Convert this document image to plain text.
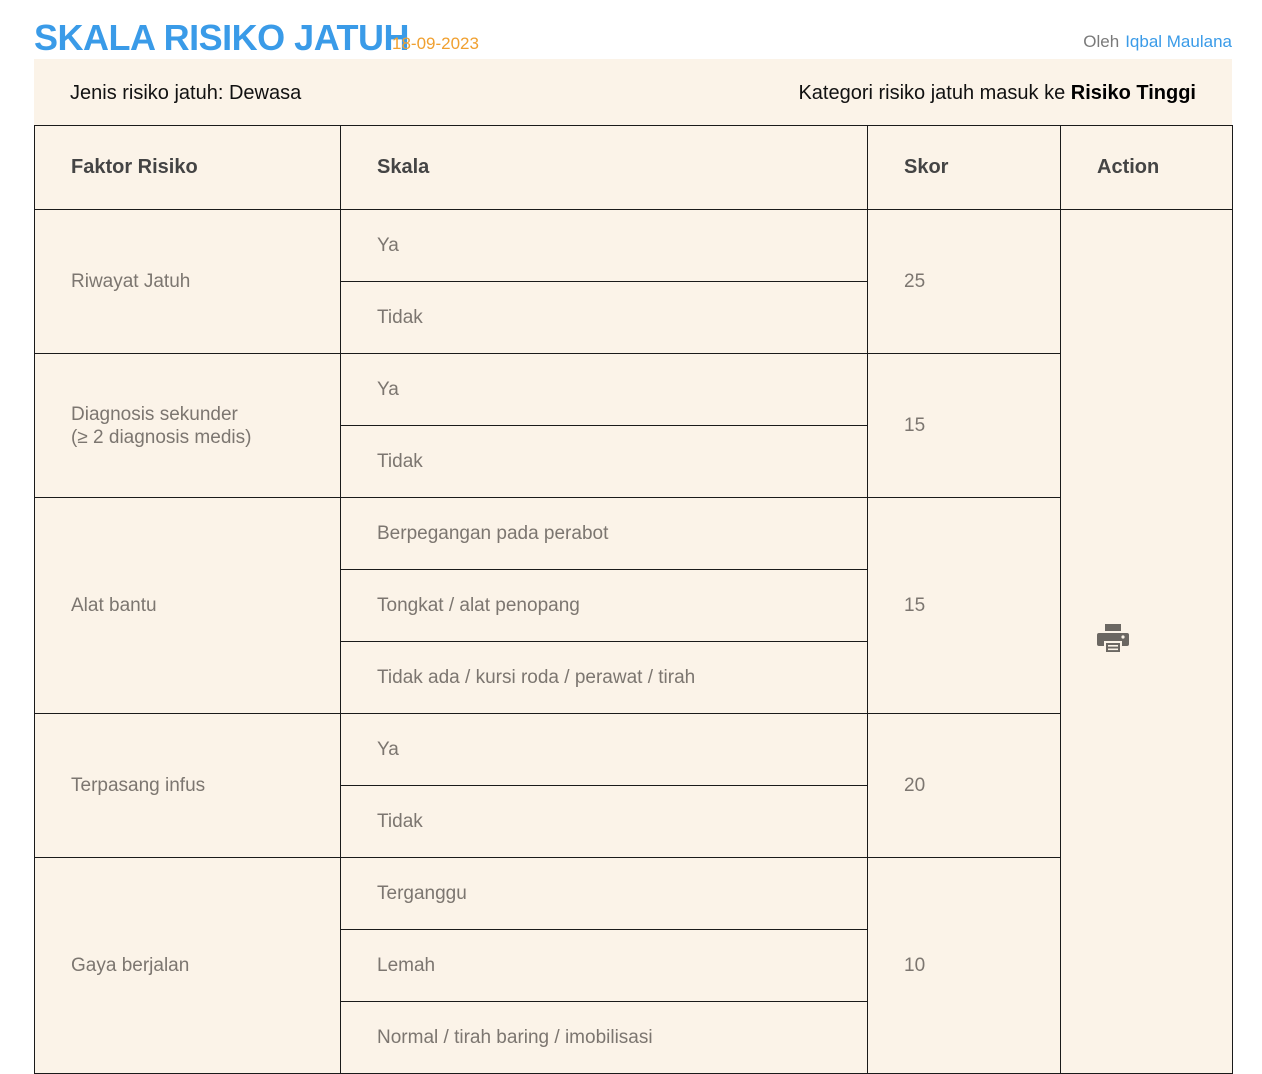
SKALA RISIKO JATUH
18-09-2023	Oleh Iqbal Maulana
Jenis risiko jatuh: Dewasa	Kategori risiko jatuh masuk ke Risiko Tinggi
Faktor Risiko	Skala	Skor	Action
Riwayat Jatuh	Ya	25	
	Tidak		
Diagnosis sekunder
(≥ 2 diagnosis medis)	Ya	15	
	Tidak		
Alat bantu	Berpegangan pada perabot	15	
	Tongkat / alat penopang		
	Tidak ada / kursi roda / perawat / tirah		
Terpasang infus	Ya	20	
	Tidak		
Gaya berjalan	Terganggu	10	
	Lemah		
	Normal / tirah baring / imobilisasi		
